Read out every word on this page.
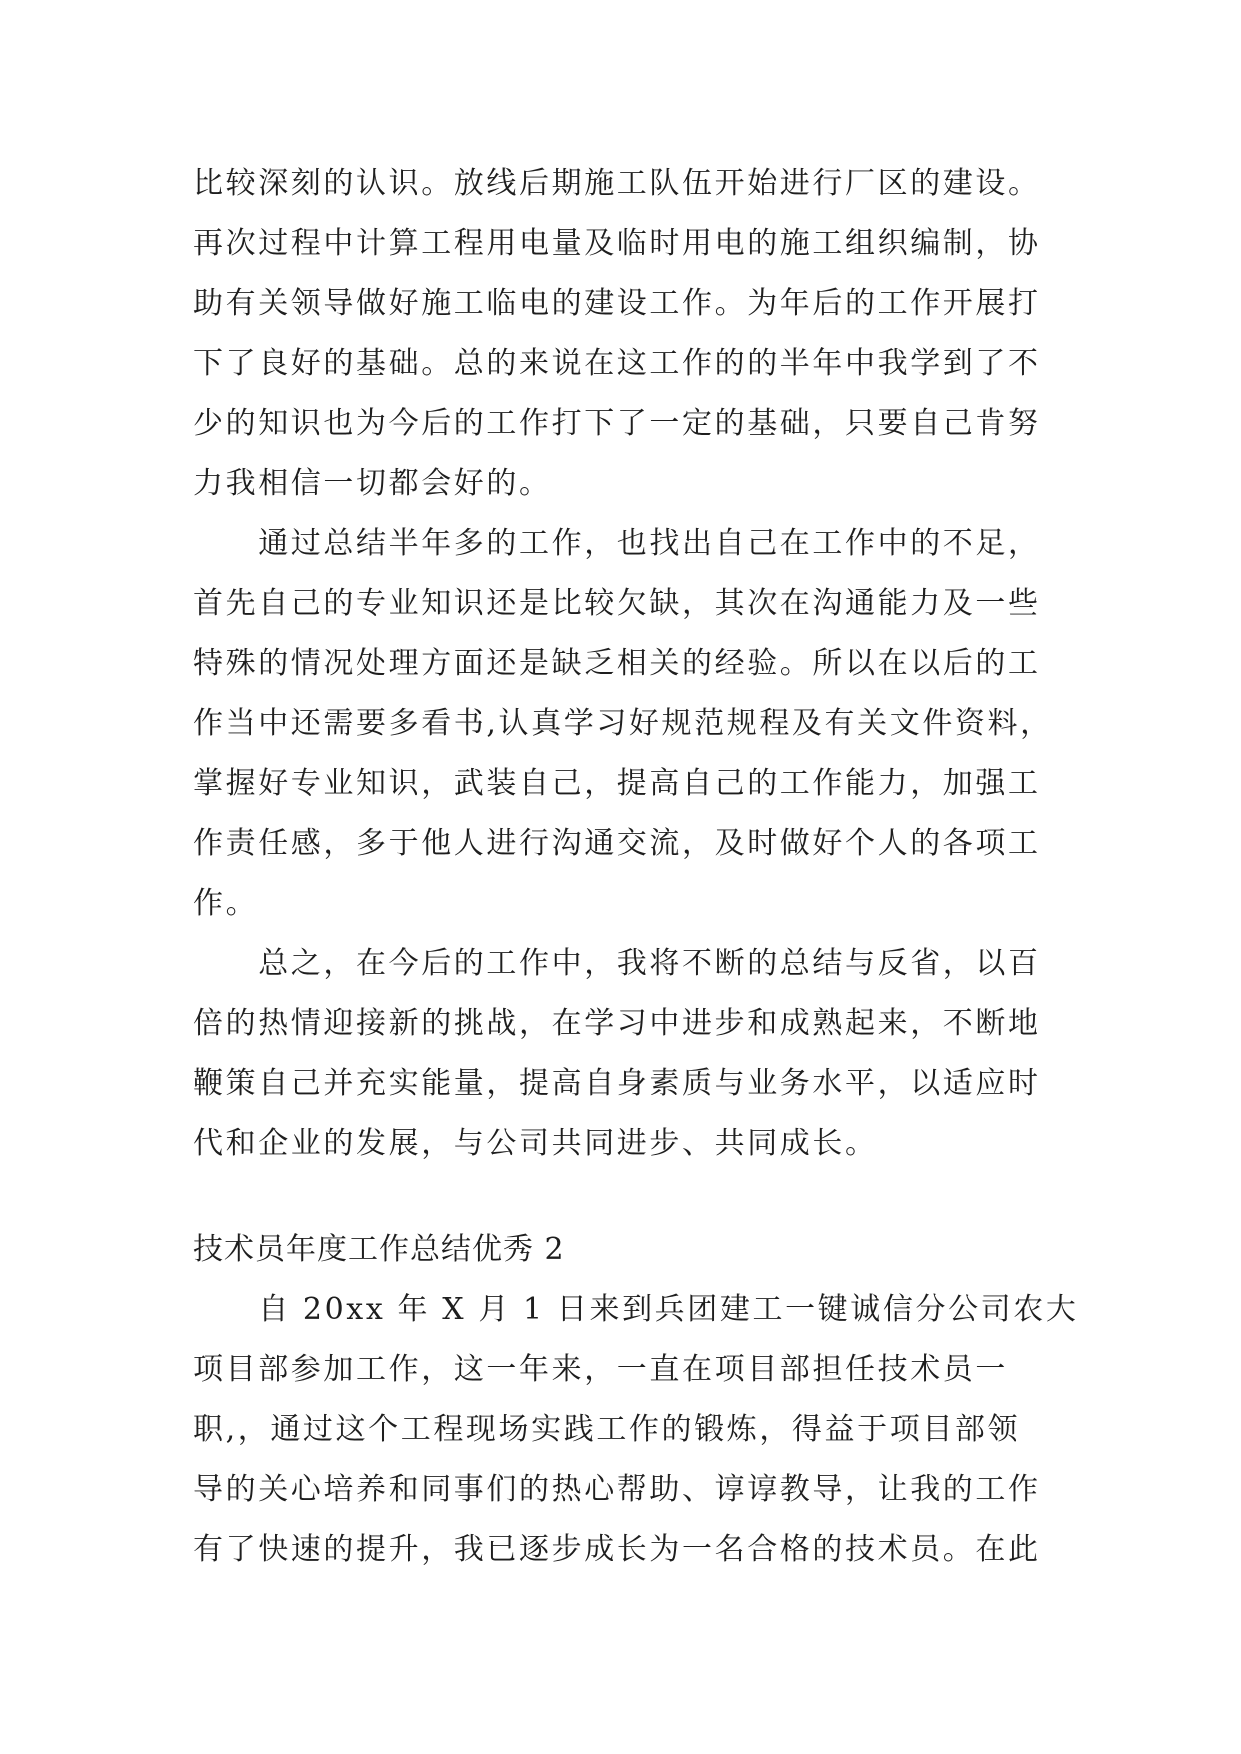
比较深刻的认识。放线后期施工队伍开始进行厂区的建设。

再次过程中计算工程用电量及临时用电的施工组织编制，协

助有关领导做好施工临电的建设工作。为年后的工作开展打

下了良好的基础。总的来说在这工作的的半年中我学到了不

少的知识也为今后的工作打下了一定的基础，只要自己肯努

力我相信一切都会好的。

　　通过总结半年多的工作，也找出自己在工作中的不足，

首先自己的专业知识还是比较欠缺，其次在沟通能力及一些

特殊的情况处理方面还是缺乏相关的经验。所以在以后的工

作当中还需要多看书,认真学习好规范规程及有关文件资料，

掌握好专业知识，武装自己，提高自己的工作能力，加强工

作责任感，多于他人进行沟通交流，及时做好个人的各项工

作。

　　总之，在今后的工作中，我将不断的总结与反省，以百

倍的热情迎接新的挑战，在学习中进步和成熟起来，不断地

鞭策自己并充实能量，提高自身素质与业务水平，以适应时

代和企业的发展，与公司共同进步、共同成长。

技术员年度工作总结优秀 2

　　自 20xx 年 X 月 1 日来到兵团建工一键诚信分公司农大

项目部参加工作，这一年来，一直在项目部担任技术员一

职,，通过这个工程现场实践工作的锻炼，得益于项目部领

导的关心培养和同事们的热心帮助、谆谆教导，让我的工作

有了快速的提升，我已逐步成长为一名合格的技术员。在此
